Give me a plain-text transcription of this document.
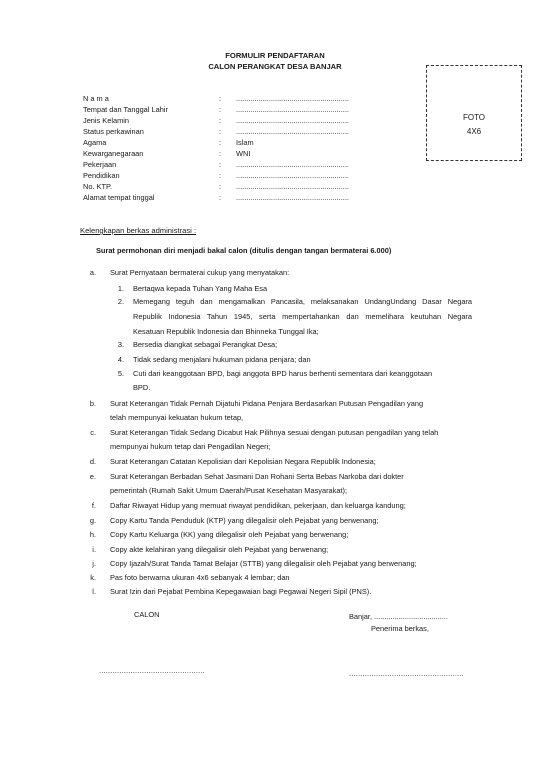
FORMULIR PENDAFTARAN
CALON PERANGKAT DESA BANJAR
FOTO
4X6
N a m a	: .......................................................
Tempat dan Tanggal Lahir	: .......................................................
Jenis Kelamin	: .......................................................
Status perkawinan	: .......................................................
Agama	: Islam
Kewarganegaraan	: WNI
Pekerjaan	: .......................................................
Pendidikan	: .......................................................
No. KTP.	: .......................................................
Alamat tempat tinggal	: .......................................................
Kelengkapan berkas administrasi :
Surat permohonan diri menjadi bakal calon (ditulis dengan tangan bermaterai 6.000)
a. Surat Pernyataan bermaterai cukup yang menyatakan:
1. Bertaqwa kepada Tuhan Yang Maha Esa
2. Memegang teguh dan mengamalkan Pancasila, melaksanakan UndangUndang Dasar Negara
Republik Indonesia Tahun 1945, serta mempertahankan dan memelihara keutuhan Negara
Kesatuan Republik Indonesia dan Bhinneka Tunggal Ika;
3. Bersedia diangkat sebagai Perangkat Desa;
4. Tidak sedang menjalani hukuman pidana penjara; dan
5. Cuti dari keanggotaan BPD, bagi anggota BPD harus berhenti sementara dari keanggotaan
BPD.
b. Surat Keterangan Tidak Pernah Dijatuhi Pidana Penjara Berdasarkan Putusan Pengadilan yang
telah mempunyai kekuatan hukum tetap,
c. Surat Keterangan Tidak Sedang Dicabut Hak Pilihnya sesuai dengan putusan pengadilan yang telah
mempunyai hukum tetap dari Pengadilan Negeri;
d. Surat Keterangan Catatan Kepolisian dari Kepolisian Negara Republik Indonesia;
e. Surat Keterangan Berbadan Sehat Jasmani Dan Rohani Serta Bebas Narkoba dari dokter
pemerintah (Rumah Sakit Umum Daerah/Pusat Kesehatan Masyarakat);
f. Daftar Riwayat Hidup yang memuat riwayat pendidikan, pekerjaan, dan keluarga kandung;
g. Copy Kartu Tanda Penduduk (KTP) yang dilegalisir oleh Pejabat yang berwenang;
h. Copy Kartu Keluarga (KK) yang dilegalisir oleh Pejabat yang berwenang;
i. Copy akte kelahiran yang dilegalisir oleh Pejabat yang berwenang;
j. Copy Ijazah/Surat Tanda Tamat Belajar (STTB) yang dilegalisir oleh Pejabat yang berwenang;
k. Pas foto berwarna ukuran 4x6 sebanyak 4 lembar; dan
l. Surat Izin dari Pejabat Pembina Kepegawaian bagi Pegawai Negeri Sipil (PNS).
CALON	Banjar, ....................................
Penerima berkas,
...............................................	...................................................
